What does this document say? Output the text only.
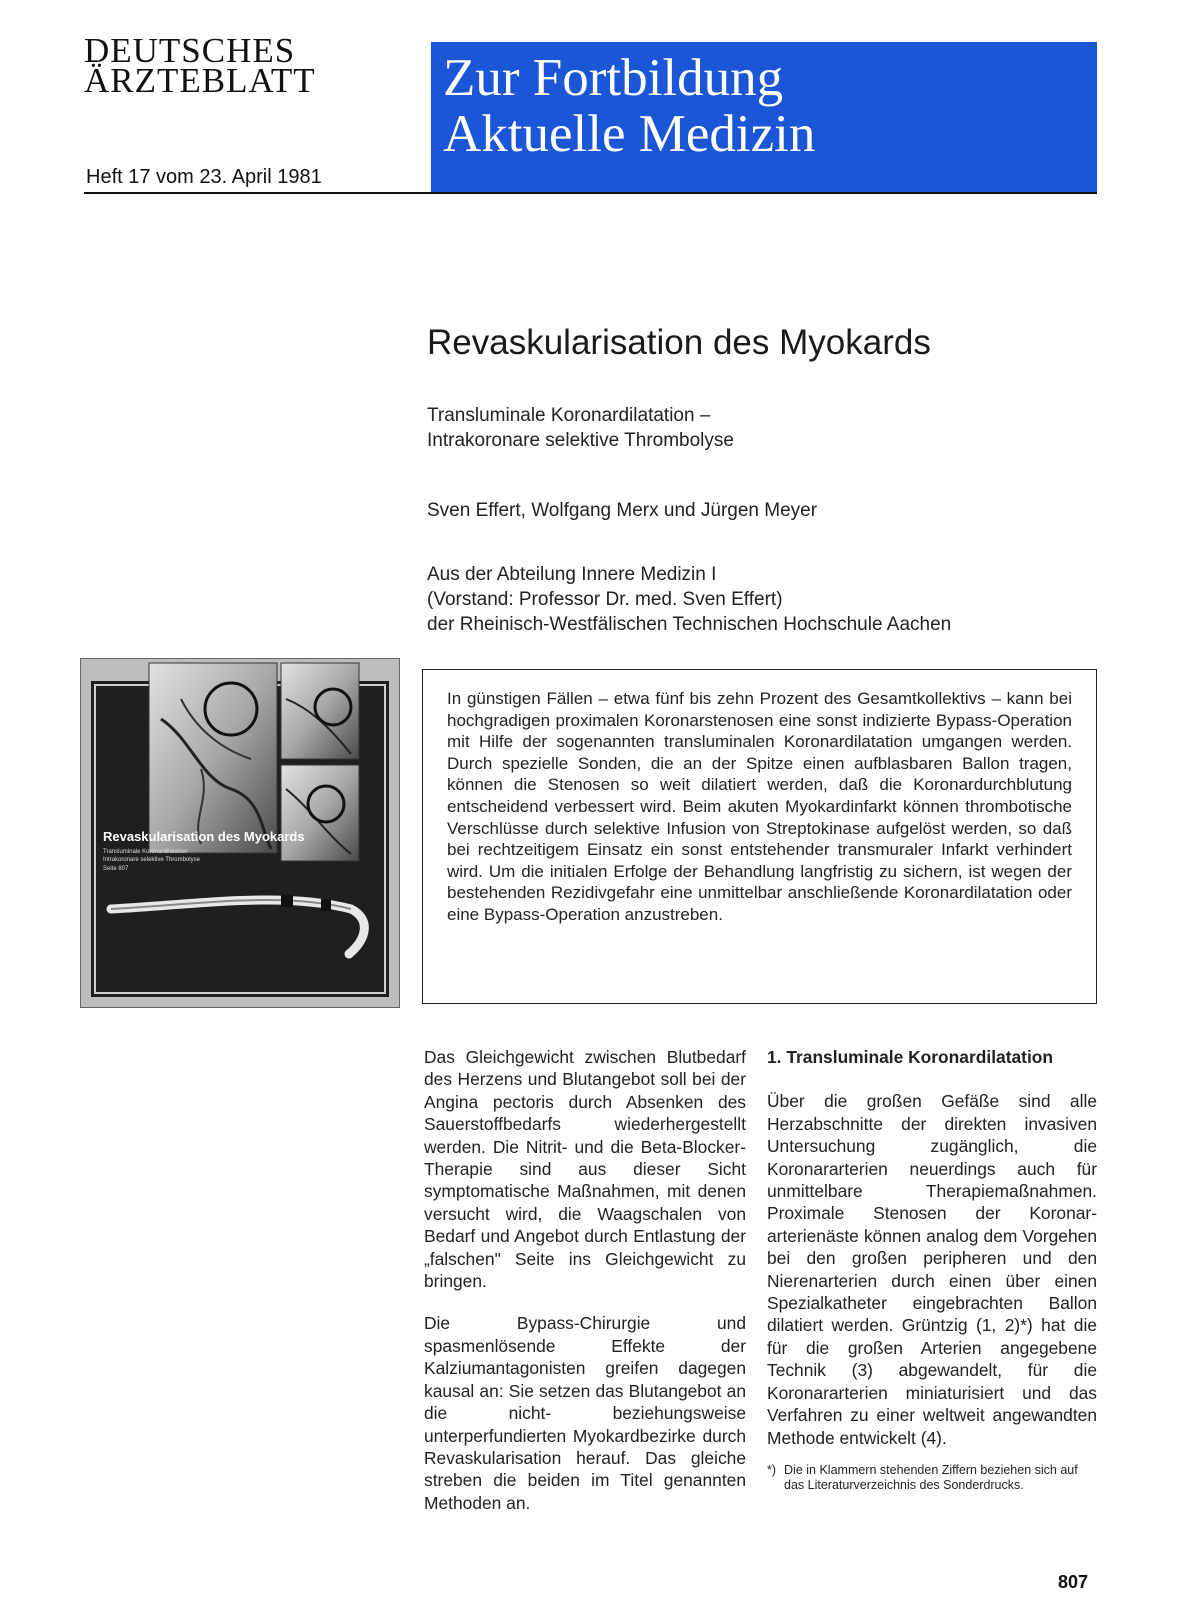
DEUTSCHES
ÄRZTEBLATT
Heft 17 vom 23. April 1981
Zur Fortbildung
Aktuelle Medizin
Revaskularisation des Myokards
Transluminale Koronardilatation –
Intrakoronare selektive Thrombolyse
Sven Effert, Wolfgang Merx und Jürgen Meyer
Aus der Abteilung Innere Medizin I
(Vorstand: Professor Dr. med. Sven Effert)
der Rheinisch-Westfälischen Technischen Hochschule Aachen
Revaskularisation des Myokards
Transluminale Koronardilatation
Intrakoronare selektive Thrombolyse
Seite 807
In günstigen Fällen – etwa fünf bis zehn Prozent des Gesamtkollektivs – kann bei hochgradigen proximalen Koronarstenosen eine sonst indizierte Bypass-Operation mit Hilfe der sogenannten transluminalen Koronardilatation umgangen werden. Durch spezielle Sonden, die an der Spitze einen aufblasbaren Ballon tragen, können die Stenosen so weit dilatiert werden, daß die Koronardurchblutung entscheidend verbessert wird. Beim akuten Myokardinfarkt können thrombotische Verschlüsse durch selektive Infusion von Streptokinase aufgelöst werden, so daß bei rechtzeitigem Einsatz ein sonst entstehender transmuraler Infarkt verhindert wird. Um die initialen Erfolge der Behandlung langfristig zu sichern, ist wegen der bestehenden Rezidivgefahr eine unmittelbar anschließende Koronardilatation oder eine Bypass-Operation anzustreben.

Das Gleichgewicht zwischen Blutbedarf des Herzens und Blutangebot soll bei der Angina pectoris durch Absenken des Sauerstoffbedarfs wiederhergestellt werden. Die Nitrit- und die Beta-Blocker-Therapie sind aus dieser Sicht symptomatische Maßnahmen, mit denen versucht wird, die Waagschalen von Bedarf und Angebot durch Entlastung der „falschen" Seite ins Gleichgewicht zu bringen.

Die Bypass-Chirurgie und spasmenlösende Effekte der Kalziumantagonisten greifen dagegen kausal an: Sie setzen das Blutangebot an die nicht- beziehungsweise unterperfundierten Myokardbezirke durch Revaskularisation herauf. Das gleiche streben die beiden im Titel genannten Methoden an.

1. Transluminale Koronardilatation

Über die großen Gefäße sind alle Herzabschnitte der direkten invasiven Untersuchung zugänglich, die Koronararterien neuerdings auch für unmittelbare Therapiemaßnahmen. Proximale Stenosen der Koronar-arterienäste können analog dem Vorgehen bei den großen peripheren und den Nierenarterien durch einen über einen Spezialkatheter eingebrachten Ballon dilatiert werden. Grüntzig (1, 2)*) hat die für die großen Arterien angegebene Technik (3) abgewandelt, für die Koronararterien miniaturisiert und das Verfahren zu einer weltweit angewandten Methode entwickelt (4).

*) Die in Klammern stehenden Ziffern beziehen sich auf das Literaturverzeichnis des Sonderdrucks.
807
